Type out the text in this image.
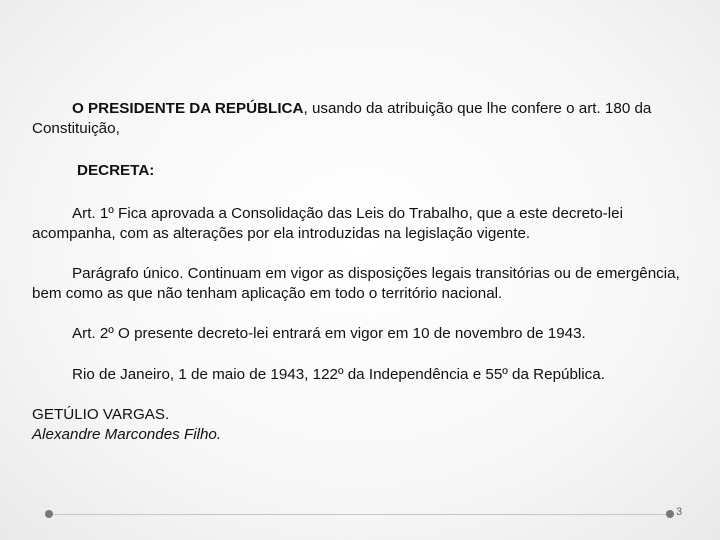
O PRESIDENTE DA REPÚBLICA, usando da atribuição que lhe confere o art. 180 da Constituição,

DECRETA:

Art. 1º Fica aprovada a Consolidação das Leis do Trabalho, que a este decreto-lei acompanha, com as alterações por ela introduzidas na legislação vigente.

Parágrafo único. Continuam em vigor as disposições legais transitórias ou de emergência, bem como as que não tenham aplicação em todo o território nacional.

Art. 2º O presente decreto-lei entrará em vigor em 10 de novembro de 1943.

Rio de Janeiro, 1 de maio de 1943, 122º da Independência e 55º da República.

GETÚLIO VARGAS.

Alexandre Marcondes Filho.

3
